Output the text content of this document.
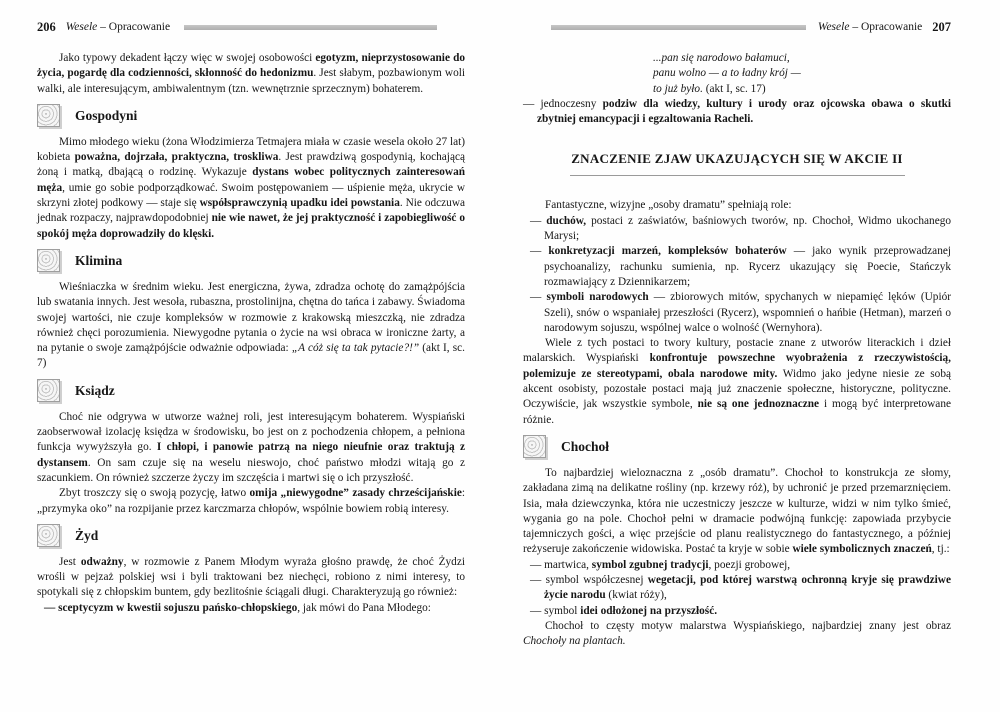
206 Wesele – Opracowanie

Jako typowy dekadent łączy więc w swojej osobowości egotyzm, nieprzystosowanie do życia, pogardę dla codzienności, skłonność do hedonizmu. Jest słabym, pozbawionym woli walki, ale interesującym, ambiwalentnym (tzn. wewnętrznie sprzecznym) bohaterem.

Gospodyni

Mimo młodego wieku (żona Włodzimierza Tetmajera miała w czasie wesela około 27 lat) kobieta poważna, dojrzała, praktyczna, troskliwa. Jest prawdziwą gospodynią, kochającą żoną i matką, dbającą o rodzinę. Wykazuje dystans wobec politycznych zainteresowań męża, umie go sobie podporządkować. Swoim postępowaniem — uśpienie męża, ukrycie w skrzyni złotej podkowy — staje się współsprawczynią upadku idei powstania. Nie odczuwa jednak rozpaczy, najprawdopodobniej nie wie nawet, że jej praktyczność i zapobiegliwość o spokój męża doprowadziły do klęski.

Klimina

Wieśniaczka w średnim wieku. Jest energiczna, żywa, zdradza ochotę do zamążpójścia lub swatania innych. Jest wesoła, rubaszna, prostolinijna, chętna do tańca i zabawy. Świadoma swojej wartości, nie czuje kompleksów w rozmowie z krakowską mieszczką, nie zdradza również chęci porozumienia. Niewygodne pytania o życie na wsi obraca w ironiczne żarty, a na pytanie o swoje zamążpójście odważnie odpowiada: „A cóż się ta tak pytacie?!” (akt I, sc. 7)

Ksiądz

Choć nie odgrywa w utworze ważnej roli, jest interesującym bohaterem. Wyspiański zaobserwował izolację księdza w środowisku, bo jest on z pochodzenia chłopem, a pełniona funkcja wywyższyła go. I chłopi, i panowie patrzą na niego nieufnie oraz traktują z dystansem. On sam czuje się na weselu nieswojo, choć państwo młodzi witają go z szacunkiem. On również szczerze życzy im szczęścia i martwi się o ich przyszłość.

Zbyt troszczy się o swoją pozycję, łatwo omija „niewygodne” zasady chrześcijańskie: „przymyka oko” na rozpijanie przez karczmarza chłopów, wspólnie bowiem robią interesy.

Żyd

Jest odważny, w rozmowie z Panem Młodym wyraża głośno prawdę, że choć Żydzi wrośli w pejzaż polskiej wsi i byli traktowani bez niechęci, robiono z nimi interesy, to spotykali się z chłopskim buntem, gdy bezlitośnie ściągali długi. Charakteryzują go również:

— sceptycyzm w kwestii sojuszu pańsko-chłopskiego, jak mówi do Pana Młodego:

Wesele – Opracowanie 207
...pan się narodowo bałamuci,
panu wolno — a to ładny krój —
to już było. (akt I, sc. 17)

— jednoczesny podziw dla wiedzy, kultury i urody oraz ojcowska obawa o skutki zbytniej emancypacji i egzaltowania Racheli.

ZNACZENIE ZJAW UKAZUJĄCYCH SIĘ W AKCIE II

Fantastyczne, wizyjne „osoby dramatu” spełniają role:

— duchów, postaci z zaświatów, baśniowych tworów, np. Chochoł, Widmo ukochanego Marysi;

— konkretyzacji marzeń, kompleksów bohaterów — jako wynik przeprowadzanej psychoanalizy, rachunku sumienia, np. Rycerz ukazujący się Poecie, Stańczyk rozmawiający z Dziennikarzem;

— symboli narodowych — zbiorowych mitów, spychanych w niepamięć lęków (Upiór Szeli), snów o wspaniałej przeszłości (Rycerz), wspomnień o hańbie (Hetman), marzeń o narodowym sojuszu, wspólnej walce o wolność (Wernyhora).

Wiele z tych postaci to twory kultury, postacie znane z utworów literackich i dzieł malarskich. Wyspiański konfrontuje powszechne wyobrażenia z rzeczywistością, polemizuje ze stereotypami, obala narodowe mity. Widmo jako jedyne niesie ze sobą akcent osobisty, pozostałe postaci mają już znaczenie społeczne, historyczne, polityczne. Oczywiście, jak wszystkie symbole, nie są one jednoznaczne i mogą być interpretowane różnie.

Chochoł

To najbardziej wieloznaczna z „osób dramatu”. Chochoł to konstrukcja ze słomy, zakładana zimą na delikatne rośliny (np. krzewy róż), by uchronić je przed przemarznięciem. Isia, mała dziewczynka, która nie uczestniczy jeszcze w kulturze, widzi w nim tylko śmieć, wygania go na pole. Chochoł pełni w dramacie podwójną funkcję: zapowiada przybycie tajemniczych gości, a więc przejście od planu realistycznego do fantastycznego, a później reżyseruje zakończenie widowiska. Postać ta kryje w sobie wiele symbolicznych znaczeń, tj.:

— martwica, symbol zgubnej tradycji, poezji grobowej,

— symbol współczesnej wegetacji, pod której warstwą ochronną kryje się prawdziwe życie narodu (kwiat róży),

— symbol idei odłożonej na przyszłość.

Chochoł to częsty motyw malarstwa Wyspiańskiego, najbardziej znany jest obraz Chochoły na plantach.
